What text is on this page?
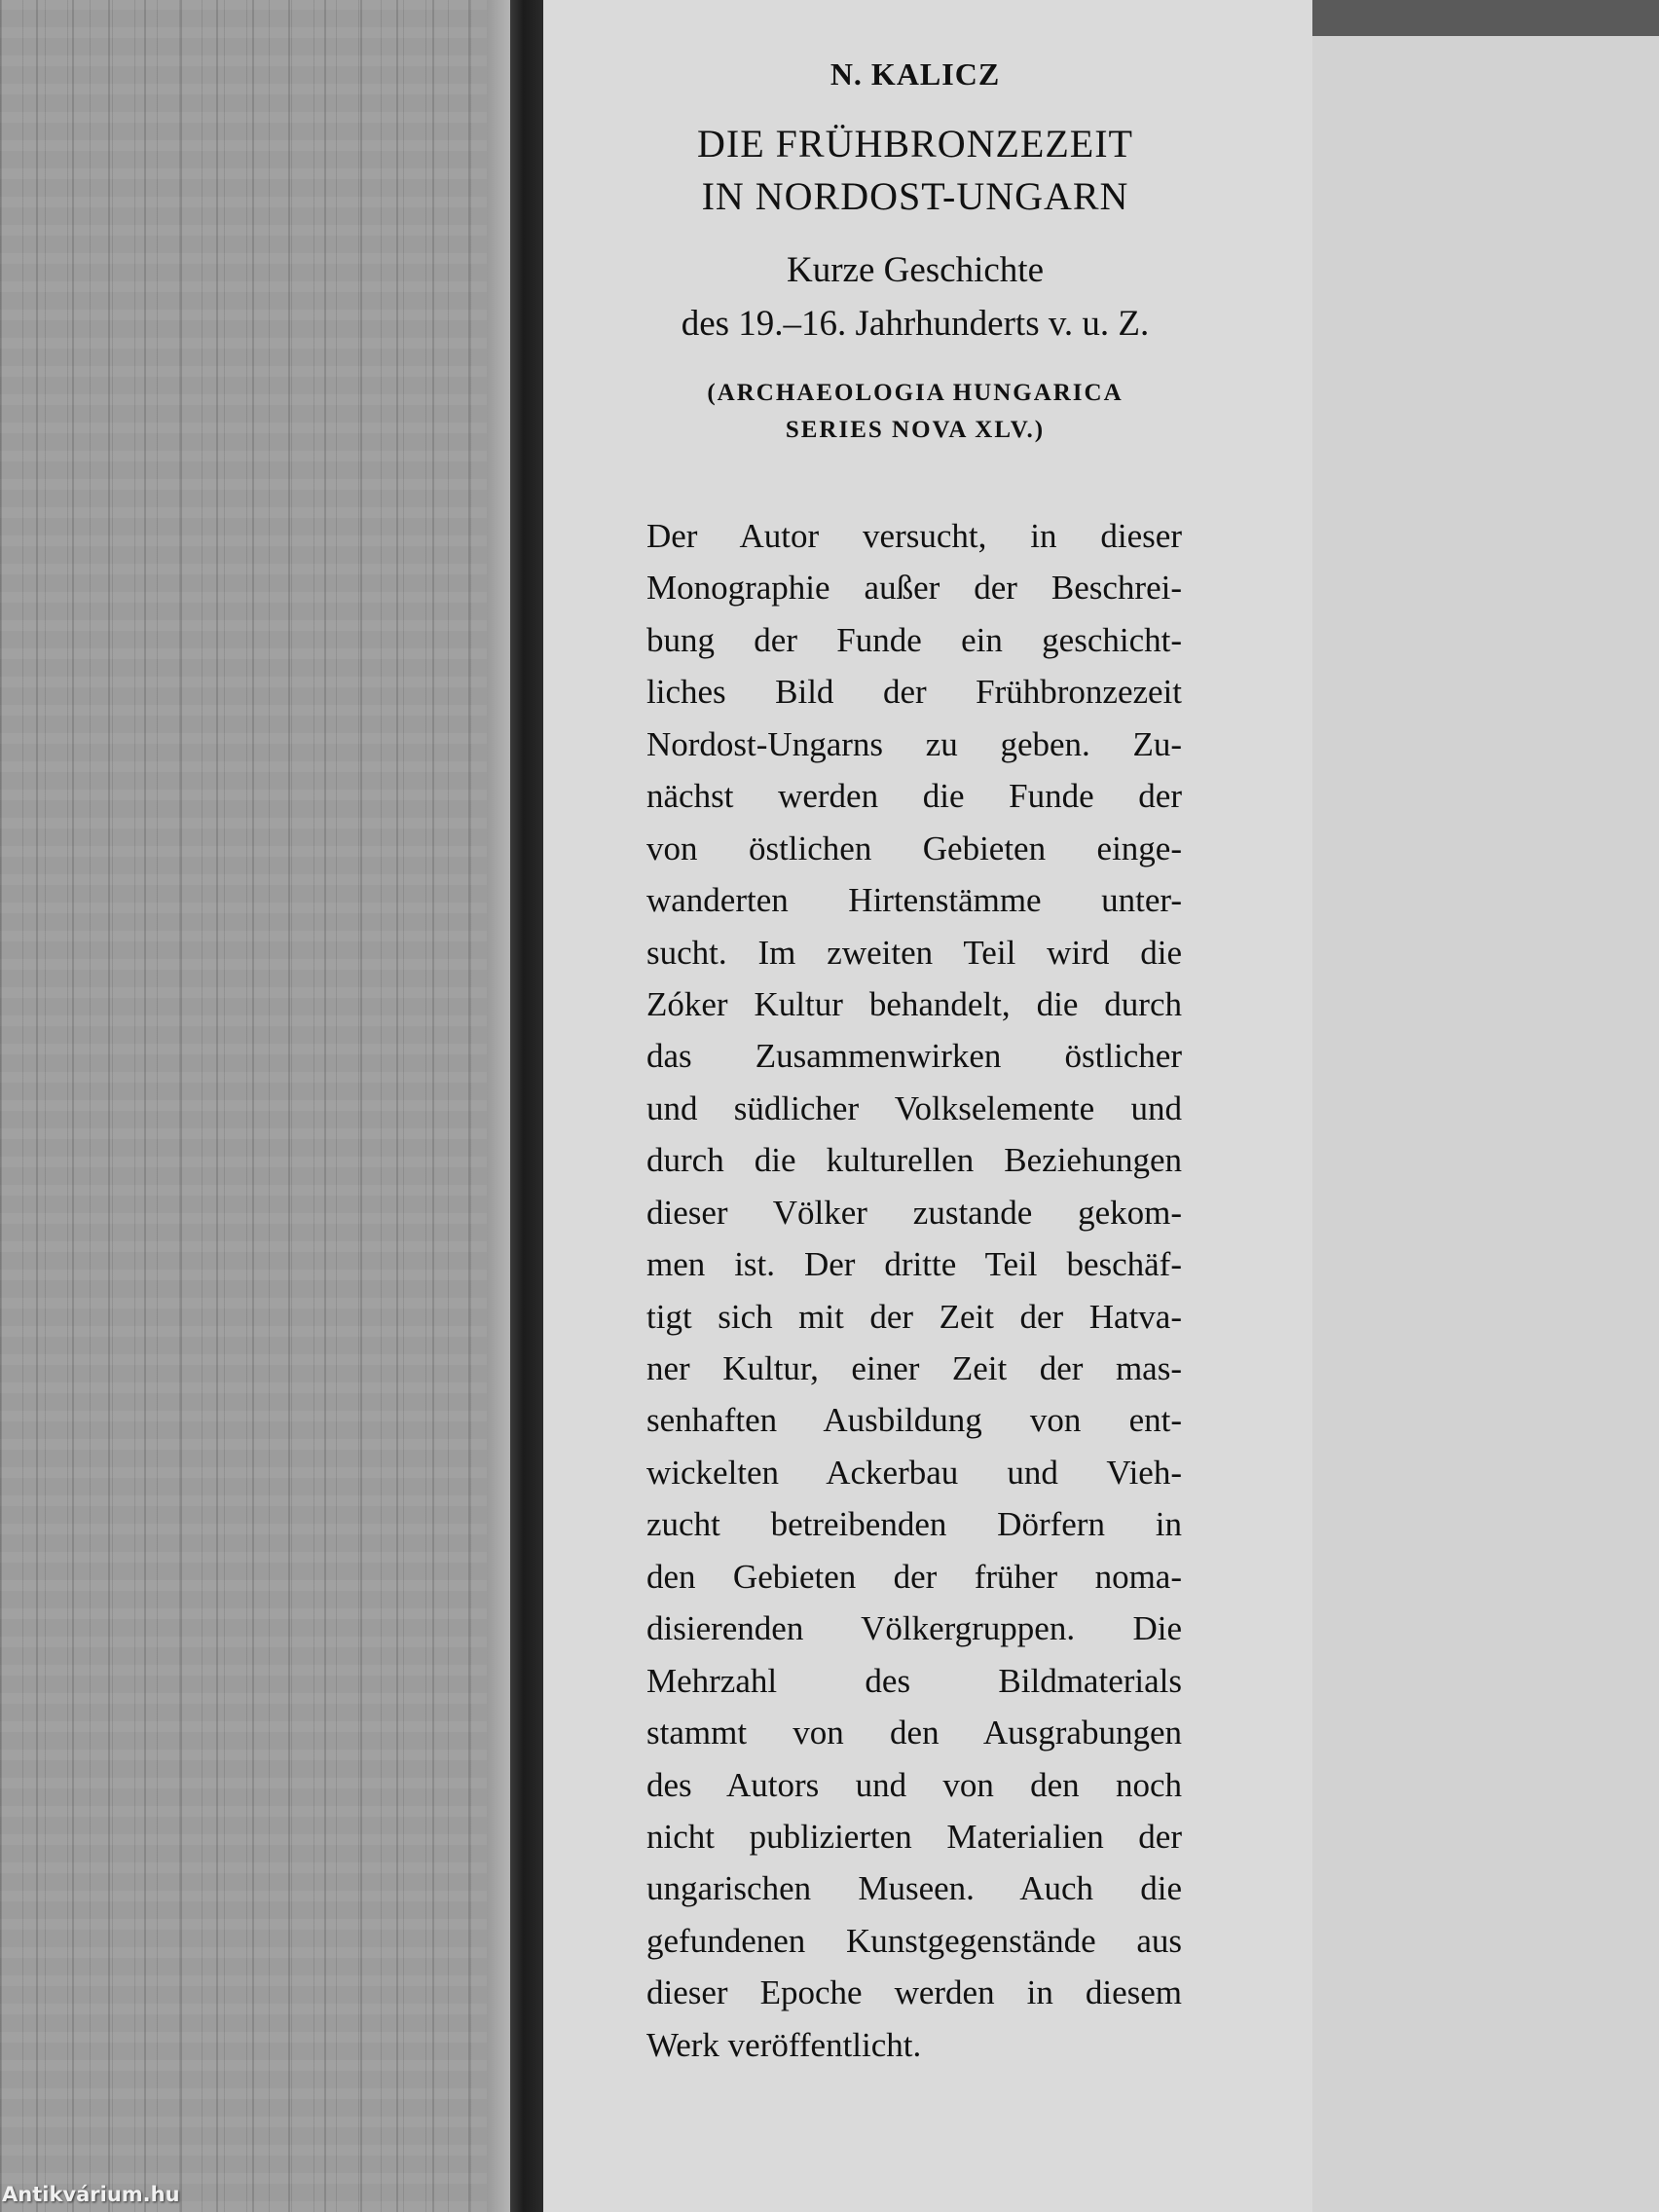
N. KALICZ
DIE FRÜHBRONZEZEIT
IN NORDOST-UNGARN
Kurze Geschichte
des 19.–16. Jahrhunderts v. u. Z.
(ARCHAEOLOGIA HUNGARICA
SERIES NOVA XLV.)
Der Autor versucht, in dieser
Monographie außer der Beschrei-
bung der Funde ein geschicht-
liches Bild der Frühbronzezeit
Nordost-Ungarns zu geben. Zu-
nächst werden die Funde der
von östlichen Gebieten einge-
wanderten Hirtenstämme unter-
sucht. Im zweiten Teil wird die
Zóker Kultur behandelt, die durch
das Zusammenwirken östlicher
und südlicher Volkselemente und
durch die kulturellen Beziehungen
dieser Völker zustande gekom-
men ist. Der dritte Teil beschäf-
tigt sich mit der Zeit der Hatva-
ner Kultur, einer Zeit der mas-
senhaften Ausbildung von ent-
wickelten Ackerbau und Vieh-
zucht betreibenden Dörfern in
den Gebieten der früher noma-
disierenden Völkergruppen. Die
Mehrzahl des Bildmaterials
stammt von den Ausgrabungen
des Autors und von den noch
nicht publizierten Materialien der
ungarischen Museen. Auch die
gefundenen Kunstgegenstände aus
dieser Epoche werden in diesem
Werk veröffentlicht.
Antikvárium.hu
